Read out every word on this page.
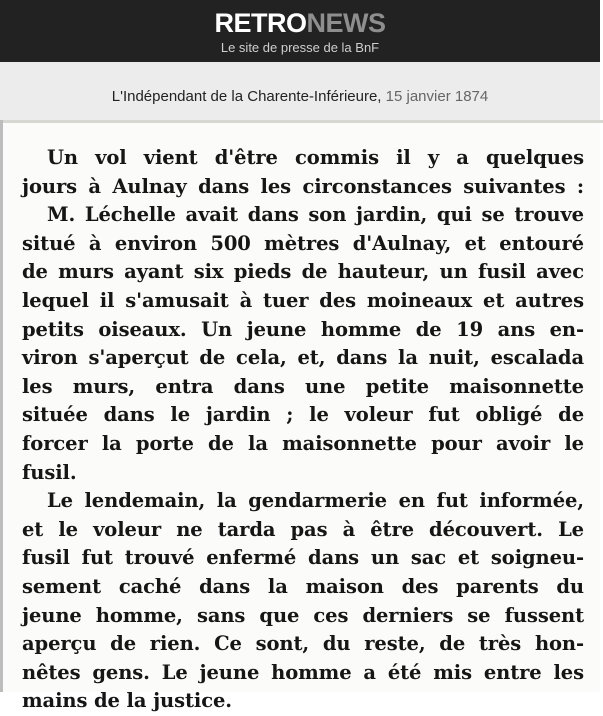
RETRONEWS
Le site de presse de la BnF
L'Indépendant de la Charente-Inférieure, 15 janvier 1874
Un vol vient d'être commis il y a quelques
jours à Aulnay dans les circonstances suivantes :
M. Léchelle avait dans son jardin, qui se trouve
situé à environ 500 mètres d'Aulnay, et entouré
de murs ayant six pieds de hauteur, un fusil avec
lequel il s'amusait à tuer des moineaux et autres
petits oiseaux. Un jeune homme de 19 ans en-
viron s'aperçut de cela, et, dans la nuit, escalada
les murs, entra dans une petite maisonnette
située dans le jardin ; le voleur fut obligé de
forcer la porte de la maisonnette pour avoir le
fusil.
Le lendemain, la gendarmerie en fut informée,
et le voleur ne tarda pas à être découvert. Le
fusil fut trouvé enfermé dans un sac et soigneu-
sement caché dans la maison des parents du
jeune homme, sans que ces derniers se fussent
aperçu de rien. Ce sont, du reste, de très hon-
nêtes gens. Le jeune homme a été mis entre les
mains de la justice.
